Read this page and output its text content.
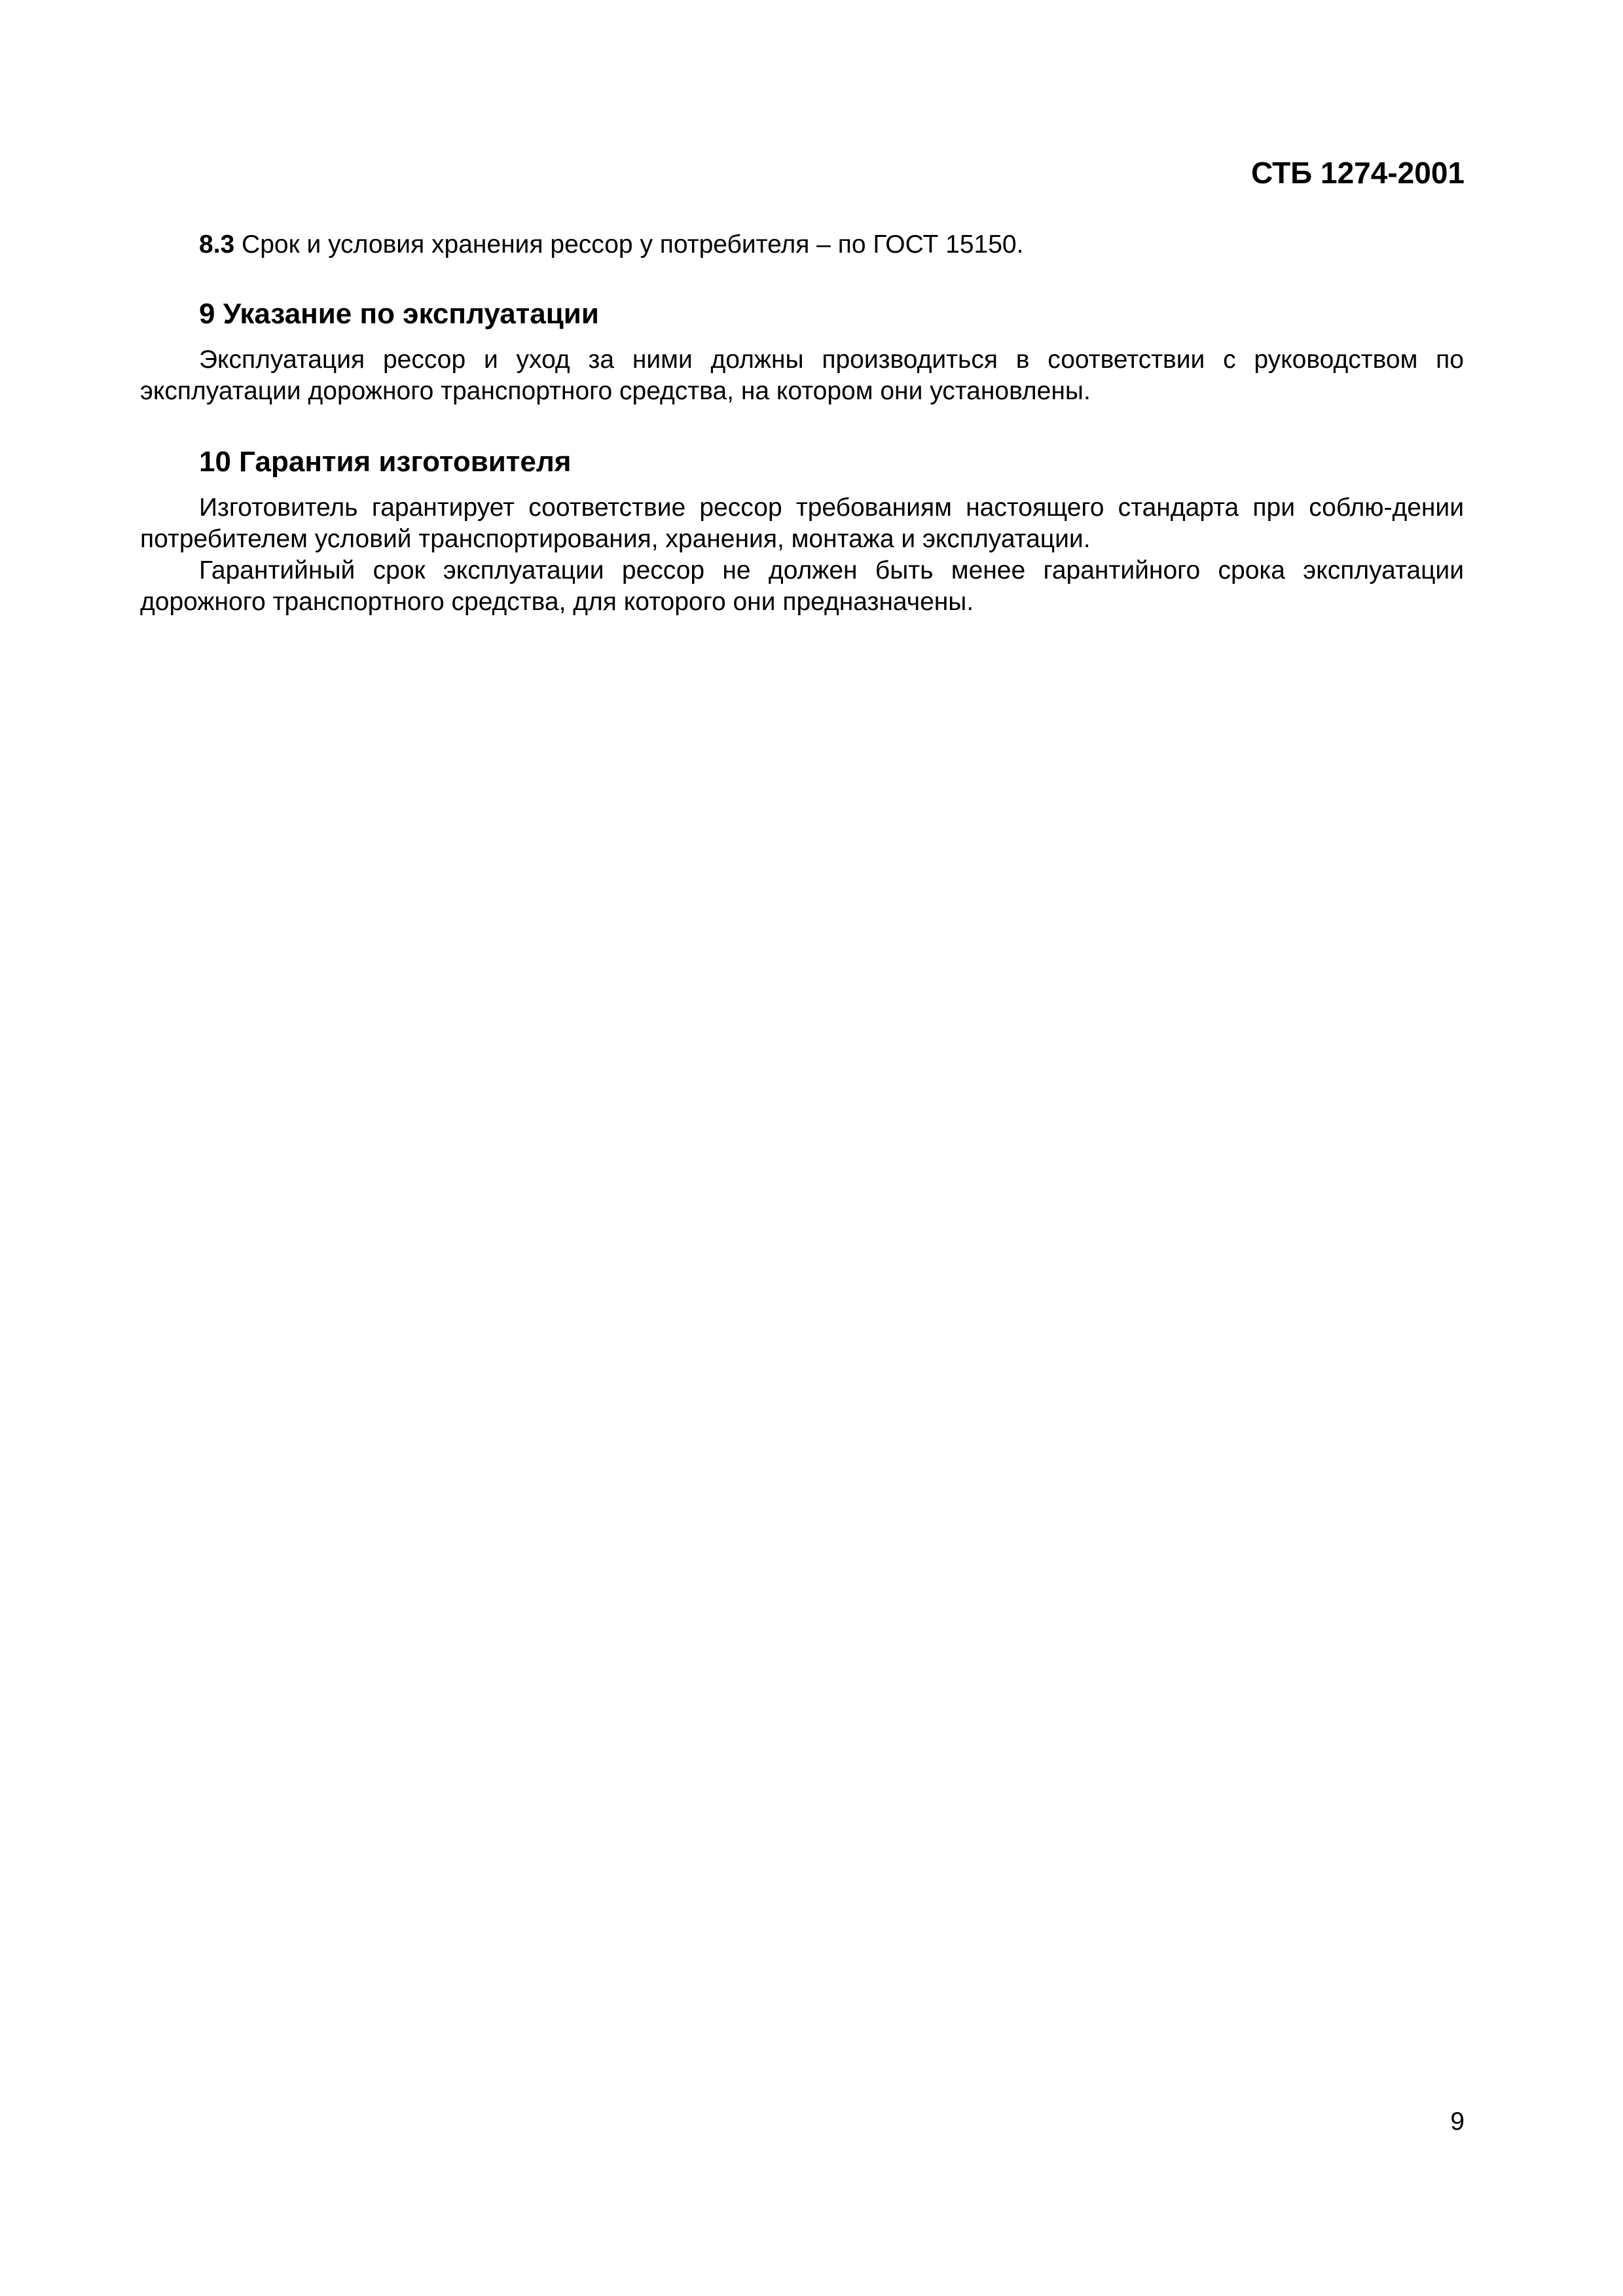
СТБ 1274-2001

8.3 Срок и условия хранения рессор у потребителя – по ГОСТ 15150.

9 Указание по эксплуатации

Эксплуатация рессор и уход за ними должны производиться в соответствии с руководством по эксплуатации дорожного транспортного средства, на котором они установлены.

10 Гарантия изготовителя

Изготовитель гарантирует соответствие рессор требованиям настоящего стандарта при соблю-дении потребителем условий транспортирования, хранения, монтажа и эксплуатации.

Гарантийный срок эксплуатации рессор не должен быть менее гарантийного срока эксплуатации дорожного транспортного средства, для которого они предназначены.

9
